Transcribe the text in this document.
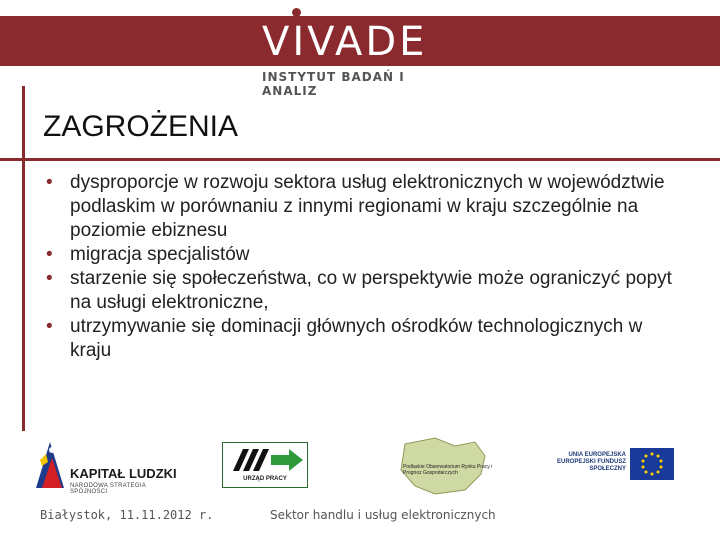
VIVADE
INSTYTUT BADAŃ I ANALIZ
ZAGROŻENIA
• dysproporcje w rozwoju sektora usług elektronicznych w województwie podlaskim w porównaniu z innymi regionami w kraju szczególnie na poziomie ebiznesu
• migracja specjalistów
• starzenie się społeczeństwa, co w perspektywie może ograniczyć popyt na usługi elektroniczne,
• utrzymywanie się dominacji głównych ośrodków technologicznych w kraju
KAPITAŁ LUDZKI
NARODOWA STRATEGIA SPÓJNOŚCI
URZĄD PRACY
Podlaskie Obserwatorium Rynku Pracy i Prognoz Gospodarczych
UNIA EUROPEJSKA EUROPEJSKI FUNDUSZ SPOŁECZNY
Białystok, 11.11.2012 r.	Sektor handlu i usług elektronicznych
